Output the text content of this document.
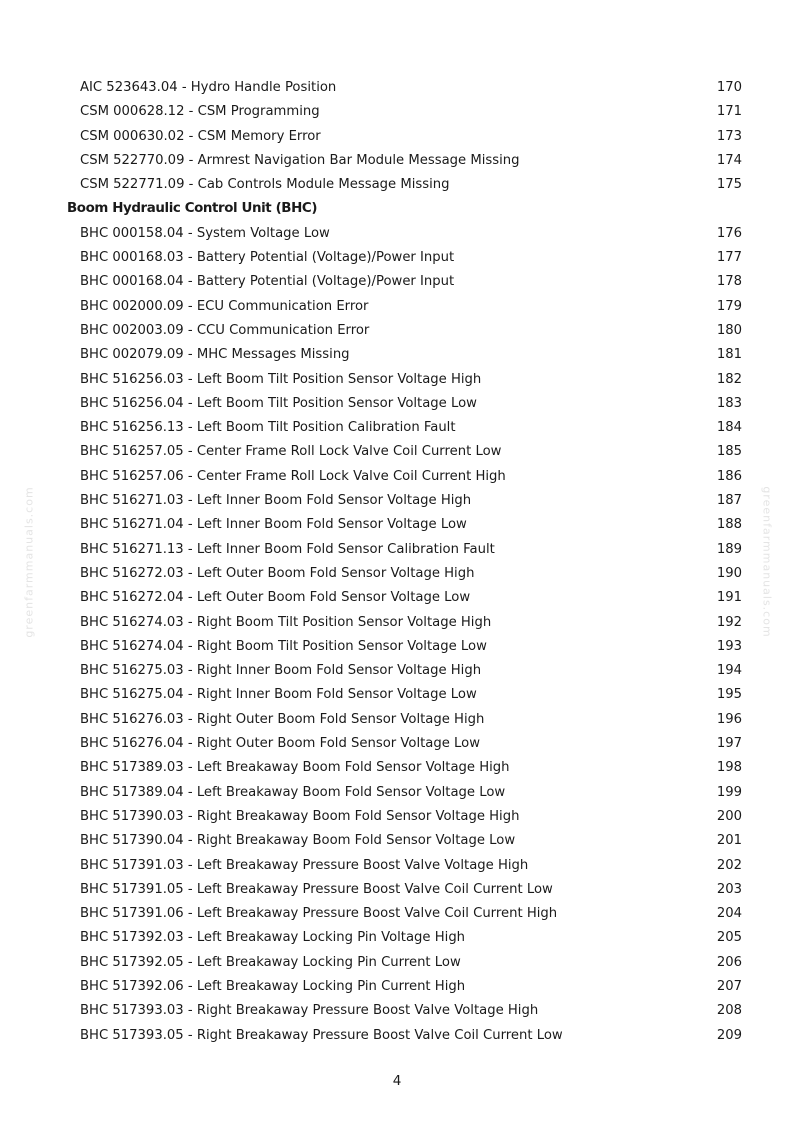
greenfarmmanuals.com	greenfarmmanuals.com
AIC 523643.04 - Hydro Handle Position	170
CSM 000628.12 - CSM Programming	171
CSM 000630.02 - CSM Memory Error	173
CSM 522770.09 - Armrest Navigation Bar Module Message Missing	174
CSM 522771.09 - Cab Controls Module Message Missing	175
Boom Hydraulic Control Unit (BHC)
BHC 000158.04 - System Voltage Low	176
BHC 000168.03 - Battery Potential (Voltage)/Power Input	177
BHC 000168.04 - Battery Potential (Voltage)/Power Input	178
BHC 002000.09 - ECU Communication Error	179
BHC 002003.09 - CCU Communication Error	180
BHC 002079.09 - MHC Messages Missing	181
BHC 516256.03 - Left Boom Tilt Position Sensor Voltage High	182
BHC 516256.04 - Left Boom Tilt Position Sensor Voltage Low	183
BHC 516256.13 - Left Boom Tilt Position Calibration Fault	184
BHC 516257.05 - Center Frame Roll Lock Valve Coil Current Low	185
BHC 516257.06 - Center Frame Roll Lock Valve Coil Current High	186
BHC 516271.03 - Left Inner Boom Fold Sensor Voltage High	187
BHC 516271.04 - Left Inner Boom Fold Sensor Voltage Low	188
BHC 516271.13 - Left Inner Boom Fold Sensor Calibration Fault	189
BHC 516272.03 - Left Outer Boom Fold Sensor Voltage High	190
BHC 516272.04 - Left Outer Boom Fold Sensor Voltage Low	191
BHC 516274.03 - Right Boom Tilt Position Sensor Voltage High	192
BHC 516274.04 - Right Boom Tilt Position Sensor Voltage Low	193
BHC 516275.03 - Right Inner Boom Fold Sensor Voltage High	194
BHC 516275.04 - Right Inner Boom Fold Sensor Voltage Low	195
BHC 516276.03 - Right Outer Boom Fold Sensor Voltage High	196
BHC 516276.04 - Right Outer Boom Fold Sensor Voltage Low	197
BHC 517389.03 - Left Breakaway Boom Fold Sensor Voltage High	198
BHC 517389.04 - Left Breakaway Boom Fold Sensor Voltage Low	199
BHC 517390.03 - Right Breakaway Boom Fold Sensor Voltage High	200
BHC 517390.04 - Right Breakaway Boom Fold Sensor Voltage Low	201
BHC 517391.03 - Left Breakaway Pressure Boost Valve Voltage High	202
BHC 517391.05 - Left Breakaway Pressure Boost Valve Coil Current Low	203
BHC 517391.06 - Left Breakaway Pressure Boost Valve Coil Current High	204
BHC 517392.03 - Left Breakaway Locking Pin Voltage High	205
BHC 517392.05 - Left Breakaway Locking Pin Current Low	206
BHC 517392.06 - Left Breakaway Locking Pin Current High	207
BHC 517393.03 - Right Breakaway Pressure Boost Valve Voltage High	208
BHC 517393.05 - Right Breakaway Pressure Boost Valve Coil Current Low	209
4
